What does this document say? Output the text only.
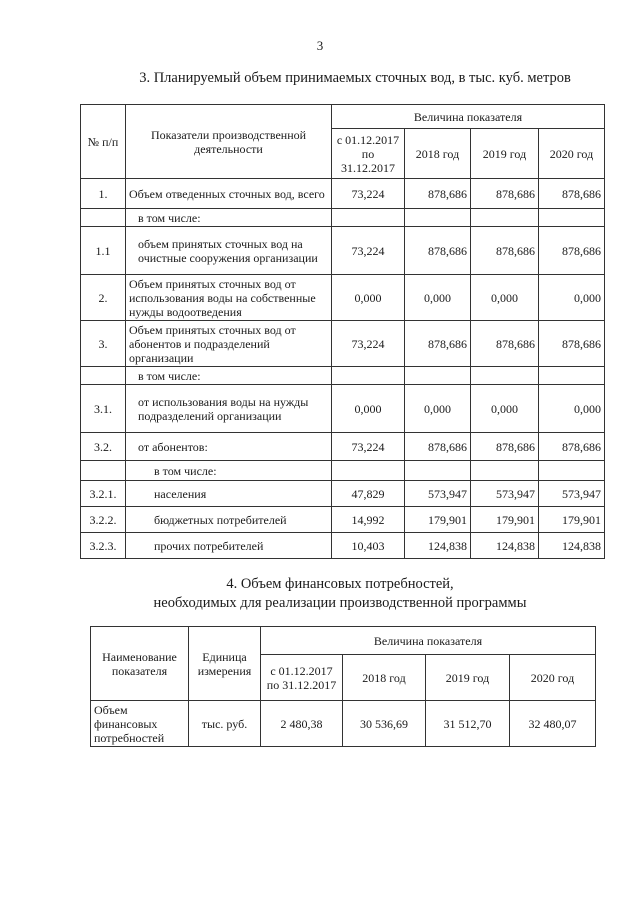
3
3. Планируемый объем принимаемых сточных вод, в тыс. куб. метров
№ п/п	Показатели производственной деятельности	Величина показателя			
		с 01.12.2017 по 31.12.2017	2018 год	2019 год	2020 год
1.	Объем отведенных сточных вод, всего	73,224	878,686	878,686	878,686
	в том числе:				
1.1	объем принятых сточных вод на очистные сооружения организации	73,224	878,686	878,686	878,686
2.	Объем принятых сточных вод от использования воды на собственные нужды водоотведения	0,000	0,000	0,000	0,000
3.	Объем принятых сточных вод от абонентов и подразделений организации	73,224	878,686	878,686	878,686
	в том числе:				
3.1.	от использования воды на нужды подразделений организации	0,000	0,000	0,000	0,000
3.2.	от абонентов:	73,224	878,686	878,686	878,686
	в том числе:				
3.2.1.	населения	47,829	573,947	573,947	573,947
3.2.2.	бюджетных потребителей	14,992	179,901	179,901	179,901
3.2.3.	прочих потребителей	10,403	124,838	124,838	124,838
4. Объем финансовых потребностей,
необходимых для реализации производственной программы
Наименование показателя	Единица измерения	Величина показателя			
		с 01.12.2017 по 31.12.2017	2018 год	2019 год	2020 год
Объем финансовых потребностей	тыс. руб.	2 480,38	30 536,69	31 512,70	32 480,07
